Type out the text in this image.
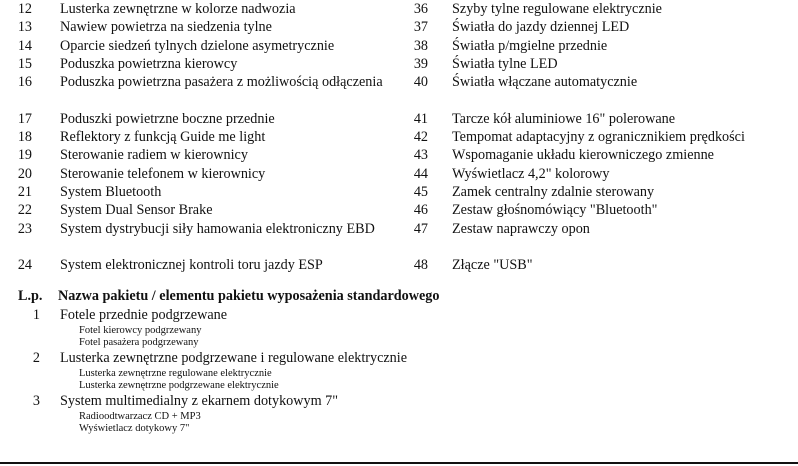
12	Lusterka zewnętrzne w kolorze nadwozia
13	Nawiew powietrza na siedzenia tylne
14	Oparcie siedzeń tylnych dzielone asymetrycznie
15	Poduszka powietrzna kierowcy
16	Poduszka powietrzna pasażera z możliwością odłączenia
17	Poduszki powietrzne boczne przednie
18	Reflektory z funkcją Guide me light
19	Sterowanie radiem w kierownicy
20	Sterowanie telefonem w kierownicy
21	System Bluetooth
22	System Dual Sensor Brake
23	System dystrybucji siły hamowania elektroniczny EBD
24	System elektronicznej kontroli toru jazdy ESP
36	Szyby tylne regulowane elektrycznie
37	Światła do jazdy dziennej LED
38	Światła p/mgielne przednie
39	Światła tylne LED
40	Światła włączane automatycznie
41	Tarcze kół aluminiowe 16" polerowane
42	Tempomat adaptacyjny z ogranicznikiem prędkości
43	Wspomaganie układu kierowniczego zmienne
44	Wyświetlacz 4,2" kolorowy
45	Zamek centralny zdalnie sterowany
46	Zestaw głośnomówiący "Bluetooth"
47	Zestaw naprawczy opon
48	Złącze "USB"
L.p.	Nazwa pakietu / elementu pakietu wyposażenia standardowego
1	Fotele przednie podgrzewane
Fotel kierowcy podgrzewany
Fotel pasażera podgrzewany
2	Lusterka zewnętrzne podgrzewane i regulowane elektrycznie
Lusterka zewnętrzne regulowane elektrycznie
Lusterka zewnętrzne podgrzewane elektrycznie
3	System multimedialny z ekarnem dotykowym 7"
Radioodtwarzacz CD + MP3
Wyświetlacz dotykowy 7"
